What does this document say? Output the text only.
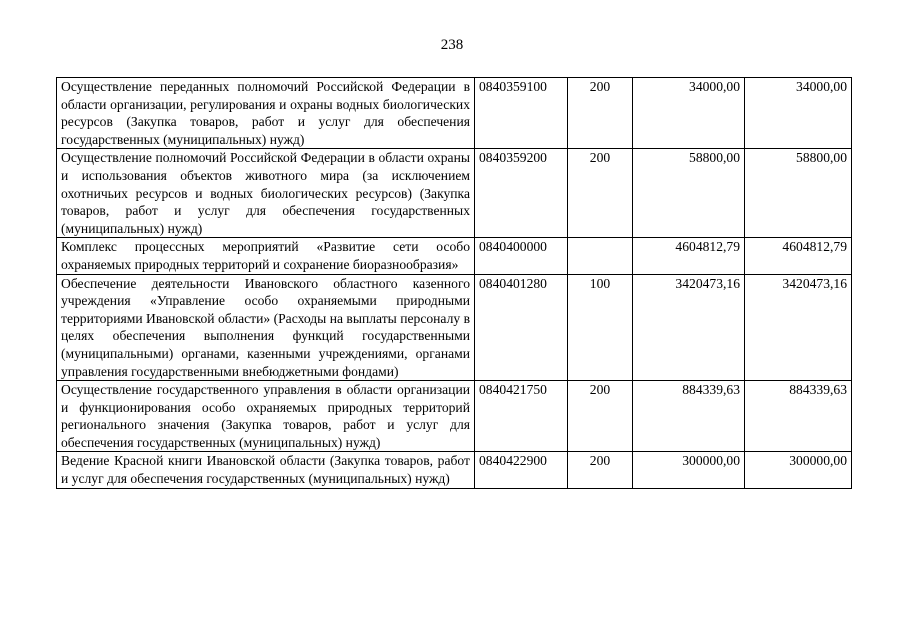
238
Осуществление переданных полномочий Российской Федерации в области организации, регулирования и охраны водных биологических ресурсов (Закупка товаров, работ и услуг для обеспечения государственных (муниципальных) нужд)	0840359100	200	34000,00	34000,00
Осуществление полномочий Российской Федерации в области охраны и использования объектов животного мира (за исключением охотничьих ресурсов и водных биологических ресурсов) (Закупка товаров, работ и услуг для обеспечения государственных (муниципальных) нужд)	0840359200	200	58800,00	58800,00
Комплекс процессных мероприятий «Развитие сети особо охраняемых природных территорий и сохранение биоразнообразия»	0840400000		4604812,79	4604812,79
Обеспечение деятельности Ивановского областного казенного учреждения «Управление особо охраняемыми природными территориями Ивановской области» (Расходы на выплаты персоналу в целях обеспечения выполнения функций государственными (муниципальными) органами, казенными учреждениями, органами управления государственными внебюджетными фондами)	0840401280	100	3420473,16	3420473,16
Осуществление государственного управления в области организации и функционирования особо охраняемых природных территорий регионального значения (Закупка товаров, работ и услуг для обеспечения государственных (муниципальных) нужд)	0840421750	200	884339,63	884339,63
Ведение Красной книги Ивановской области (Закупка товаров, работ и услуг для обеспечения государственных (муниципальных) нужд)	0840422900	200	300000,00	300000,00
